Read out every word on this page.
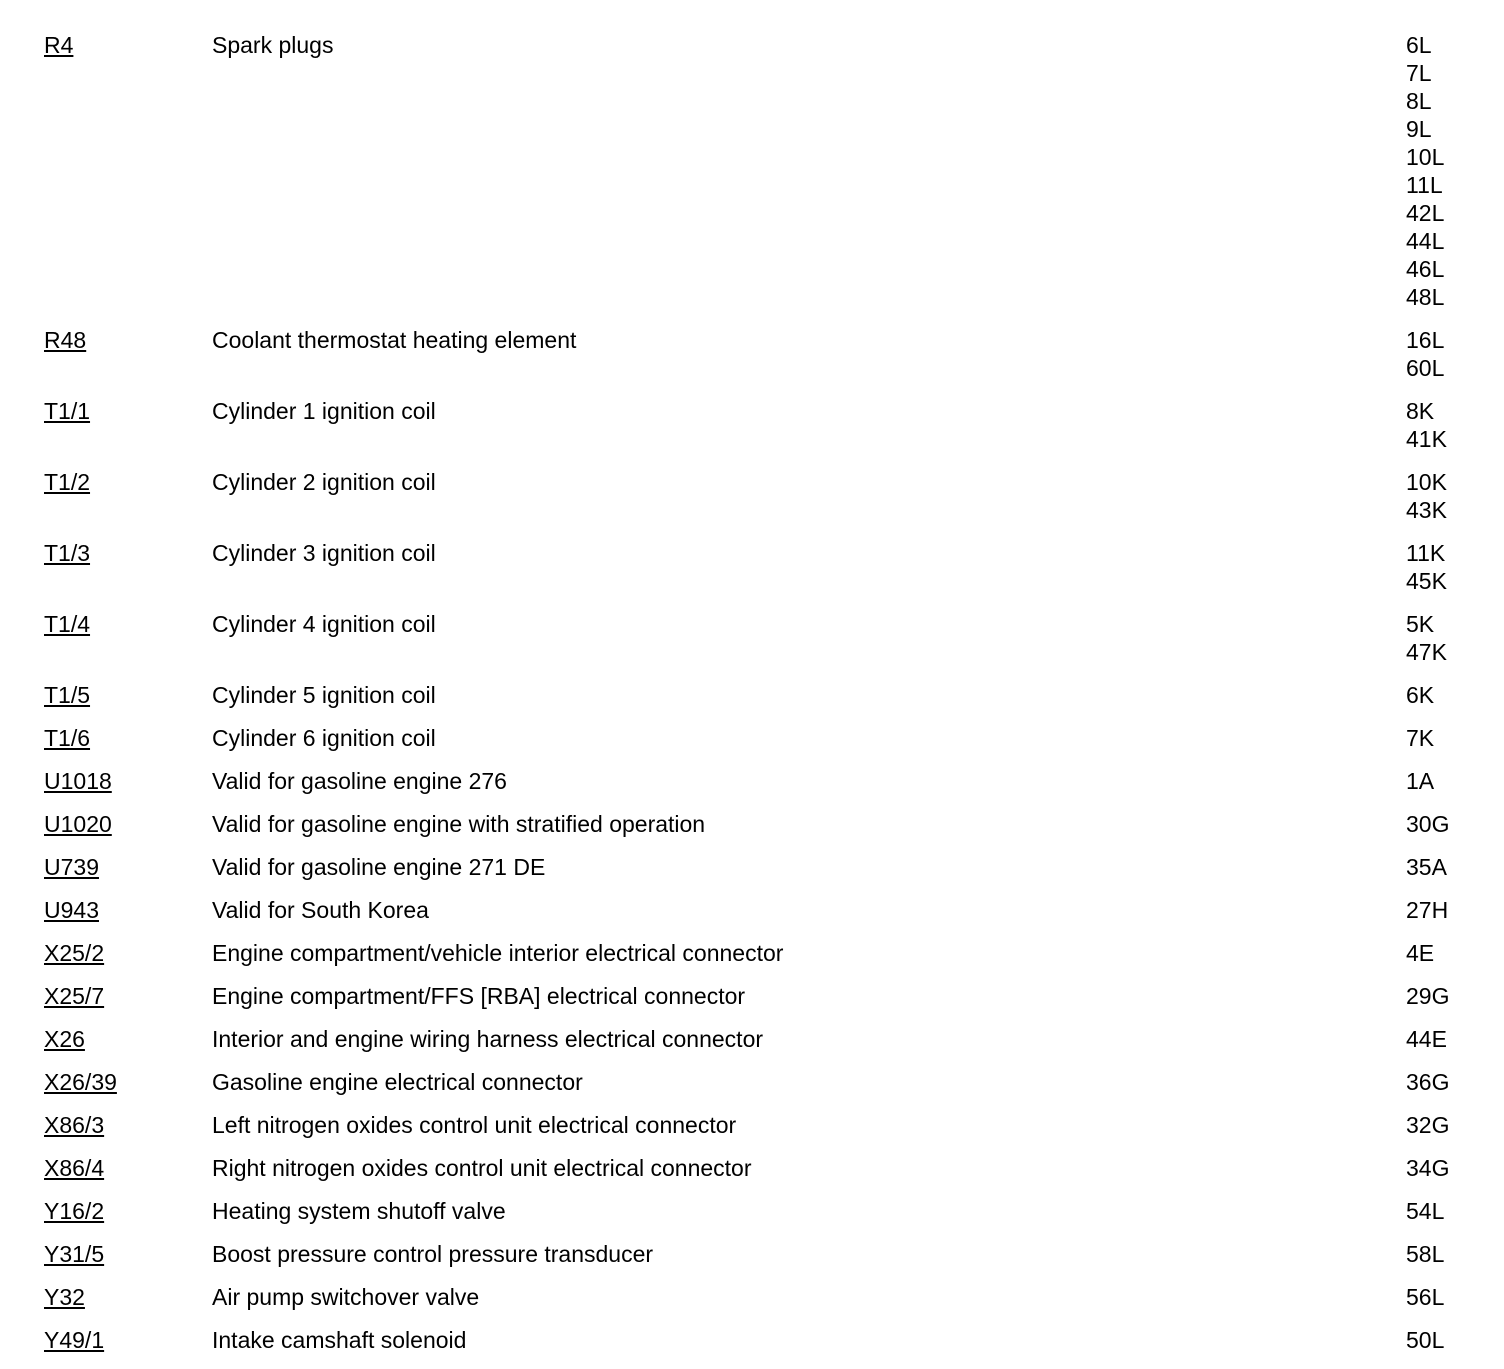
R4	Spark plugs	6L
7L
8L
9L
10L
11L
42L
44L
46L
48L
R48	Coolant thermostat heating element	16L
60L
T1/1	Cylinder 1 ignition coil	8K
41K
T1/2	Cylinder 2 ignition coil	10K
43K
T1/3	Cylinder 3 ignition coil	11K
45K
T1/4	Cylinder 4 ignition coil	5K
47K
T1/5	Cylinder 5 ignition coil	6K
T1/6	Cylinder 6 ignition coil	7K
U1018	Valid for gasoline engine 276	1A
U1020	Valid for gasoline engine with stratified operation	30G
U739	Valid for gasoline engine 271 DE	35A
U943	Valid for South Korea	27H
X25/2	Engine compartment/vehicle interior electrical connector	4E
X25/7	Engine compartment/FFS [RBA] electrical connector	29G
X26	Interior and engine wiring harness electrical connector	44E
X26/39	Gasoline engine electrical connector	36G
X86/3	Left nitrogen oxides control unit electrical connector	32G
X86/4	Right nitrogen oxides control unit electrical connector	34G
Y16/2	Heating system shutoff valve	54L
Y31/5	Boost pressure control pressure transducer	58L
Y32	Air pump switchover valve	56L
Y49/1	Intake camshaft solenoid	50L
